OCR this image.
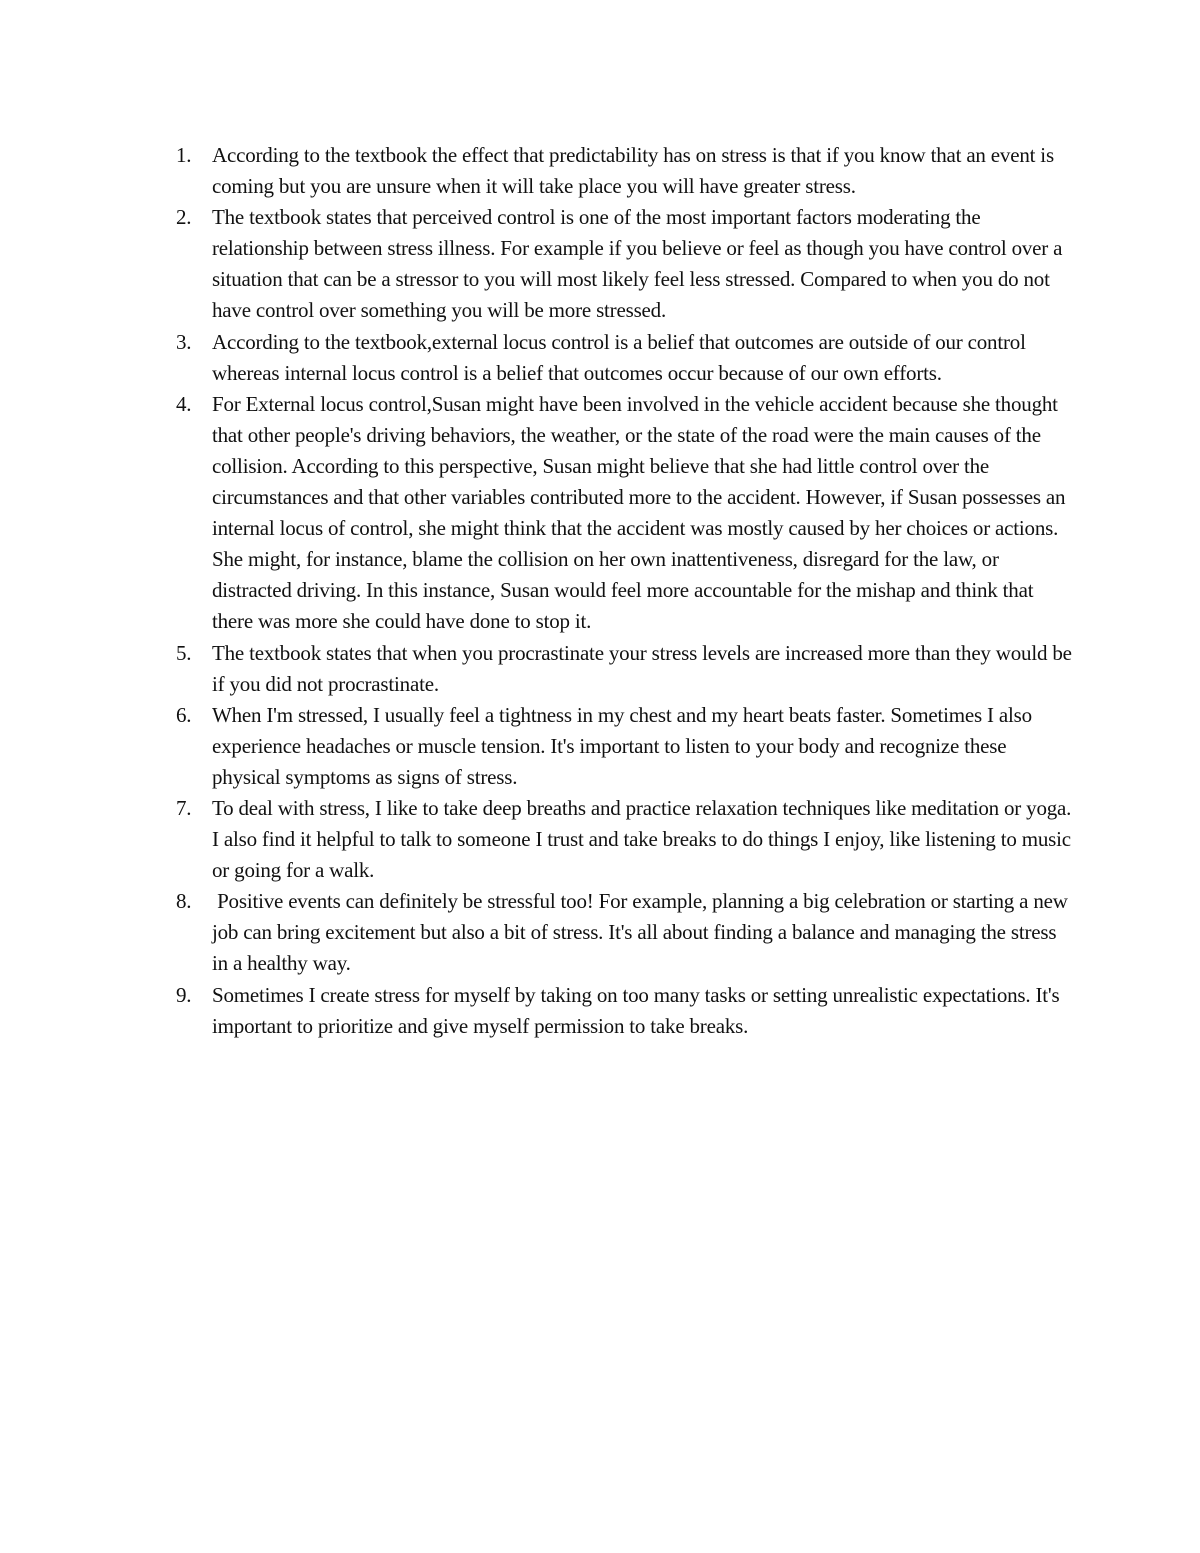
1. According to the textbook the effect that predictability has on stress is that if you know that an event is coming but you are unsure when it will take place you will have greater stress.
2. The textbook states that perceived control is one of the most important factors moderating the relationship between stress illness. For example if you believe or feel as though you have control over a situation that can be a stressor to you will most likely feel less stressed. Compared to when you do not have control over something you will be more stressed.
3. According to the textbook,external locus control is a belief that outcomes are outside of our control whereas internal locus control is a belief that outcomes occur because of our own efforts.
4. For External locus control,Susan might have been involved in the vehicle accident because she thought that other people's driving behaviors, the weather, or the state of the road were the main causes of the collision. According to this perspective, Susan might believe that she had little control over the circumstances and that other variables contributed more to the accident. However, if Susan possesses an internal locus of control, she might think that the accident was mostly caused by her choices or actions. She might, for instance, blame the collision on her own inattentiveness, disregard for the law, or distracted driving. In this instance, Susan would feel more accountable for the mishap and think that there was more she could have done to stop it.
5. The textbook states that when you procrastinate your stress levels are increased more than they would be if you did not procrastinate.
6. When I'm stressed, I usually feel a tightness in my chest and my heart beats faster. Sometimes I also experience headaches or muscle tension. It's important to listen to your body and recognize these physical symptoms as signs of stress.
7. To deal with stress, I like to take deep breaths and practice relaxation techniques like meditation or yoga. I also find it helpful to talk to someone I trust and take breaks to do things I enjoy, like listening to music or going for a walk.
8. Positive events can definitely be stressful too! For example, planning a big celebration or starting a new job can bring excitement but also a bit of stress. It's all about finding a balance and managing the stress in a healthy way.
9. Sometimes I create stress for myself by taking on too many tasks or setting unrealistic expectations. It's important to prioritize and give myself permission to take breaks.
